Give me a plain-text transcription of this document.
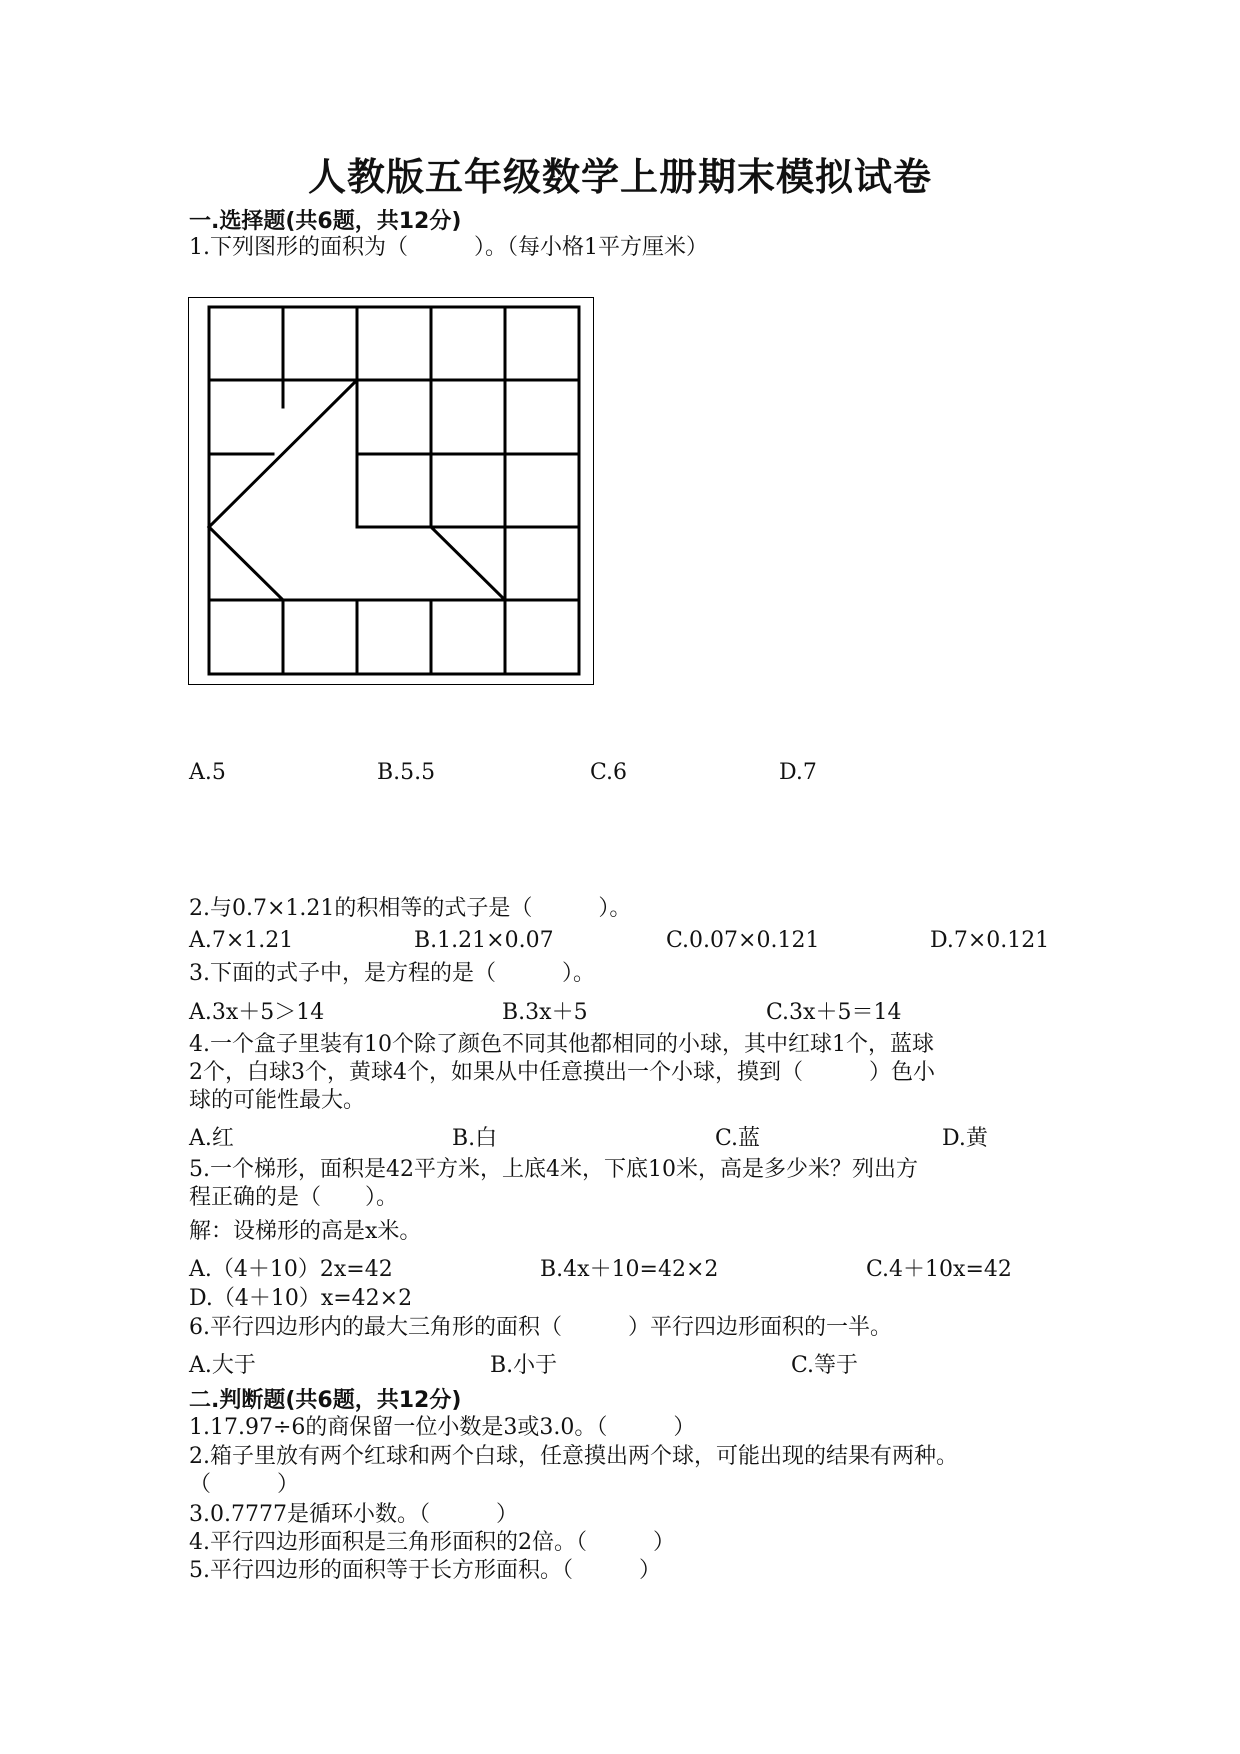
人教版五年级数学上册期末模拟试卷
一.选择题(共6题，共12分)
1.下列图形的面积为（　　　）。（每小格1平方厘米）
A.5	B.5.5	C.6	D.7
2.与0.7×1.21的积相等的式子是（　　　）。
A.7×1.21	B.1.21×0.07	C.0.07×0.121	D.7×0.121
3.下面的式子中，是方程的是（　　　）。
A.3x＋5＞14	B.3x＋5	C.3x＋5＝14
4.一个盒子里装有10个除了颜色不同其他都相同的小球，其中红球1个，蓝球
2个，白球3个，黄球4个，如果从中任意摸出一个小球，摸到（　　　）色小
球的可能性最大。
A.红	B.白	C.蓝	D.黄
5.一个梯形，面积是42平方米，上底4米，下底10米，高是多少米？列出方
程正确的是（　　）。
解：设梯形的高是x米。
A.（4＋10）2x=42	B.4x＋10=42×2	C.4＋10x=42
D.（4＋10）x=42×2
6.平行四边形内的最大三角形的面积（　　　）平行四边形面积的一半。
A.大于	B.小于	C.等于
二.判断题(共6题，共12分)
1.17.97÷6的商保留一位小数是3或3.0。（　　　）
2.箱子里放有两个红球和两个白球，任意摸出两个球，可能出现的结果有两种。
（　　　）
3.0.7777是循环小数。（　　　）
4.平行四边形面积是三角形面积的2倍。（　　　）
5.平行四边形的面积等于长方形面积。（　　　）
